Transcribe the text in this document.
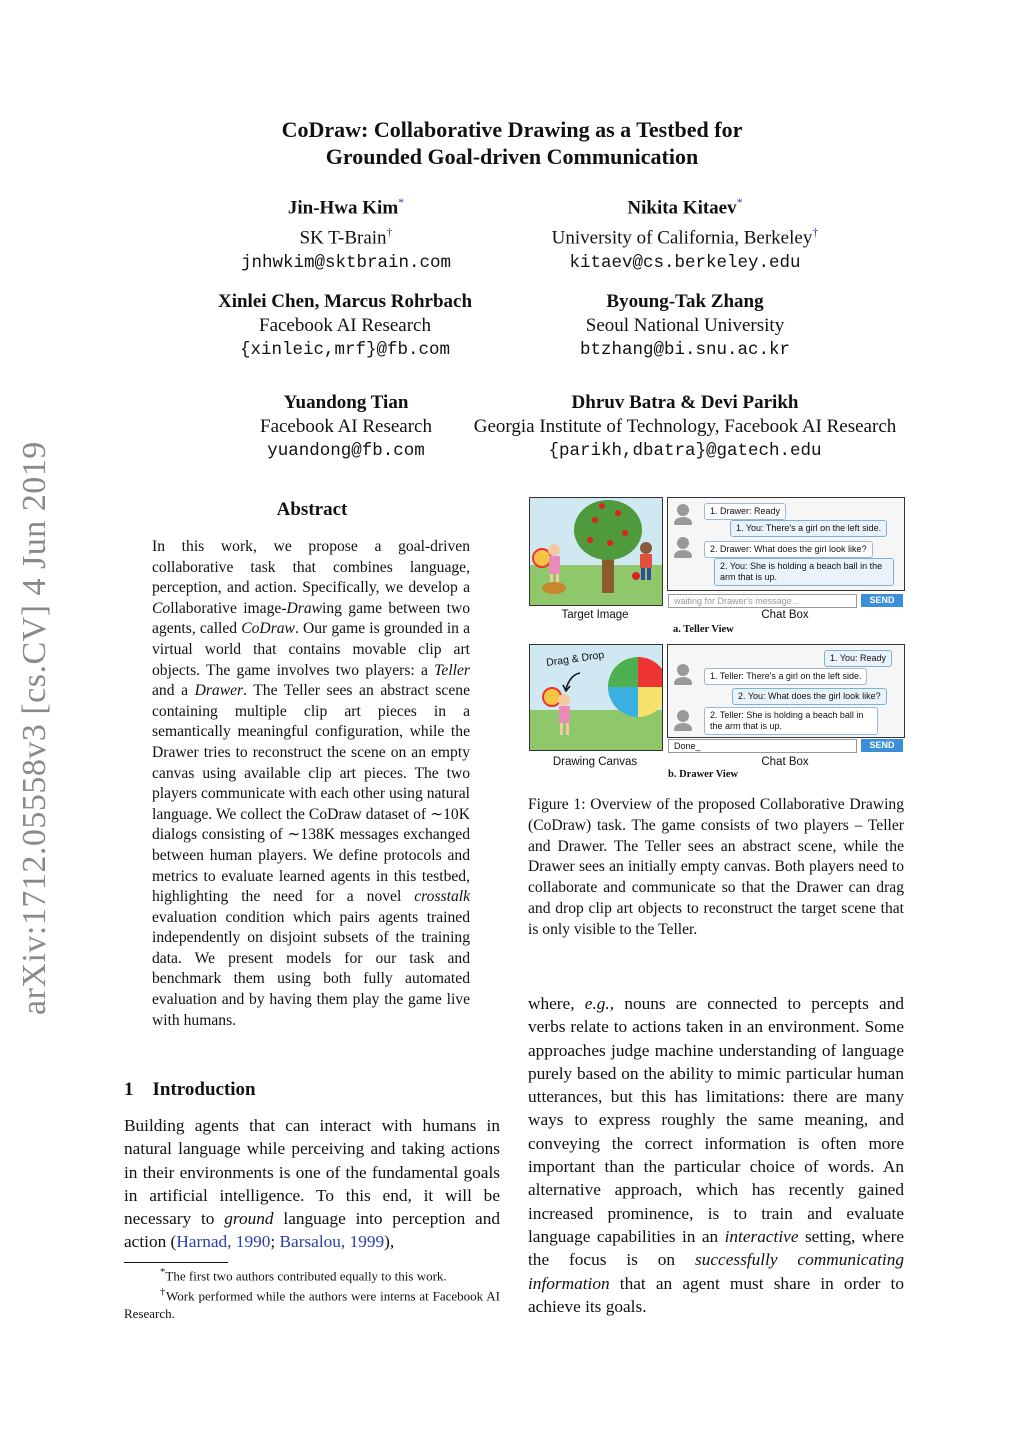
arXiv:1712.05558v3 [cs.CV] 4 Jun 2019
CoDraw: Collaborative Drawing as a Testbed for
Grounded Goal-driven Communication
Jin-Hwa Kim*
SK T-Brain†
jnhwkim@sktbrain.com
Nikita Kitaev*
University of California, Berkeley†
kitaev@cs.berkeley.edu
Xinlei Chen, Marcus Rohrbach
Facebook AI Research
{xinleic,mrf}@fb.com
Byoung-Tak Zhang
Seoul National University
btzhang@bi.snu.ac.kr
Yuandong Tian
Facebook AI Research
yuandong@fb.com
Dhruv Batra & Devi Parikh
Georgia Institute of Technology, Facebook AI Research
{parikh,dbatra}@gatech.edu
Abstract
In this work, we propose a goal-driven collaborative task that combines language, perception, and action. Specifically, we develop a Collaborative image-Drawing game between two agents, called CoDraw. Our game is grounded in a virtual world that contains movable clip art objects. The game involves two players: a Teller and a Drawer. The Teller sees an abstract scene containing multiple clip art pieces in a semantically meaningful configuration, while the Drawer tries to reconstruct the scene on an empty canvas using available clip art pieces. The two players communicate with each other using natural language. We collect the CoDraw dataset of ∼10K dialogs consisting of ∼138K messages exchanged between human players. We define protocols and metrics to evaluate learned agents in this testbed, highlighting the need for a novel crosstalk evaluation condition which pairs agents trained independently on disjoint subsets of the training data. We present models for our task and benchmark them using both fully automated evaluation and by having them play the game live with humans.
1 Introduction
Building agents that can interact with humans in natural language while perceiving and taking actions in their environments is one of the fundamental goals in artificial intelligence. To this end, it will be necessary to ground language into perception and action (Harnad, 1990; Barsalou, 1999),
*The first two authors contributed equally to this work.
†Work performed while the authors were interns at Facebook AI Research.
Target Image
1. Drawer: Ready
1. You: There's a girl on the left side.
2. Drawer: What does the girl look like?
2. You: She is holding a beach ball in the arm that is up.
waiting for Drawer's message...	SEND
Chat Box
a. Teller View
Drag & Drop
Drawing Canvas
1. You: Ready
1. Teller: There's a girl on the left side.
2. You: What does the girl look like?
2. Teller: She is holding a beach ball in the arm that is up.
Done_	SEND
Chat Box
b. Drawer View
Figure 1: Overview of the proposed Collaborative Drawing (CoDraw) task. The game consists of two players – Teller and Drawer. The Teller sees an abstract scene, while the Drawer sees an initially empty canvas. Both players need to collaborate and communicate so that the Drawer can drag and drop clip art objects to reconstruct the target scene that is only visible to the Teller.
where, e.g., nouns are connected to percepts and verbs relate to actions taken in an environment. Some approaches judge machine understanding of language purely based on the ability to mimic particular human utterances, but this has limitations: there are many ways to express roughly the same meaning, and conveying the correct information is often more important than the particular choice of words. An alternative approach, which has recently gained increased prominence, is to train and evaluate language capabilities in an interactive setting, where the focus is on successfully communicating information that an agent must share in order to achieve its goals.
